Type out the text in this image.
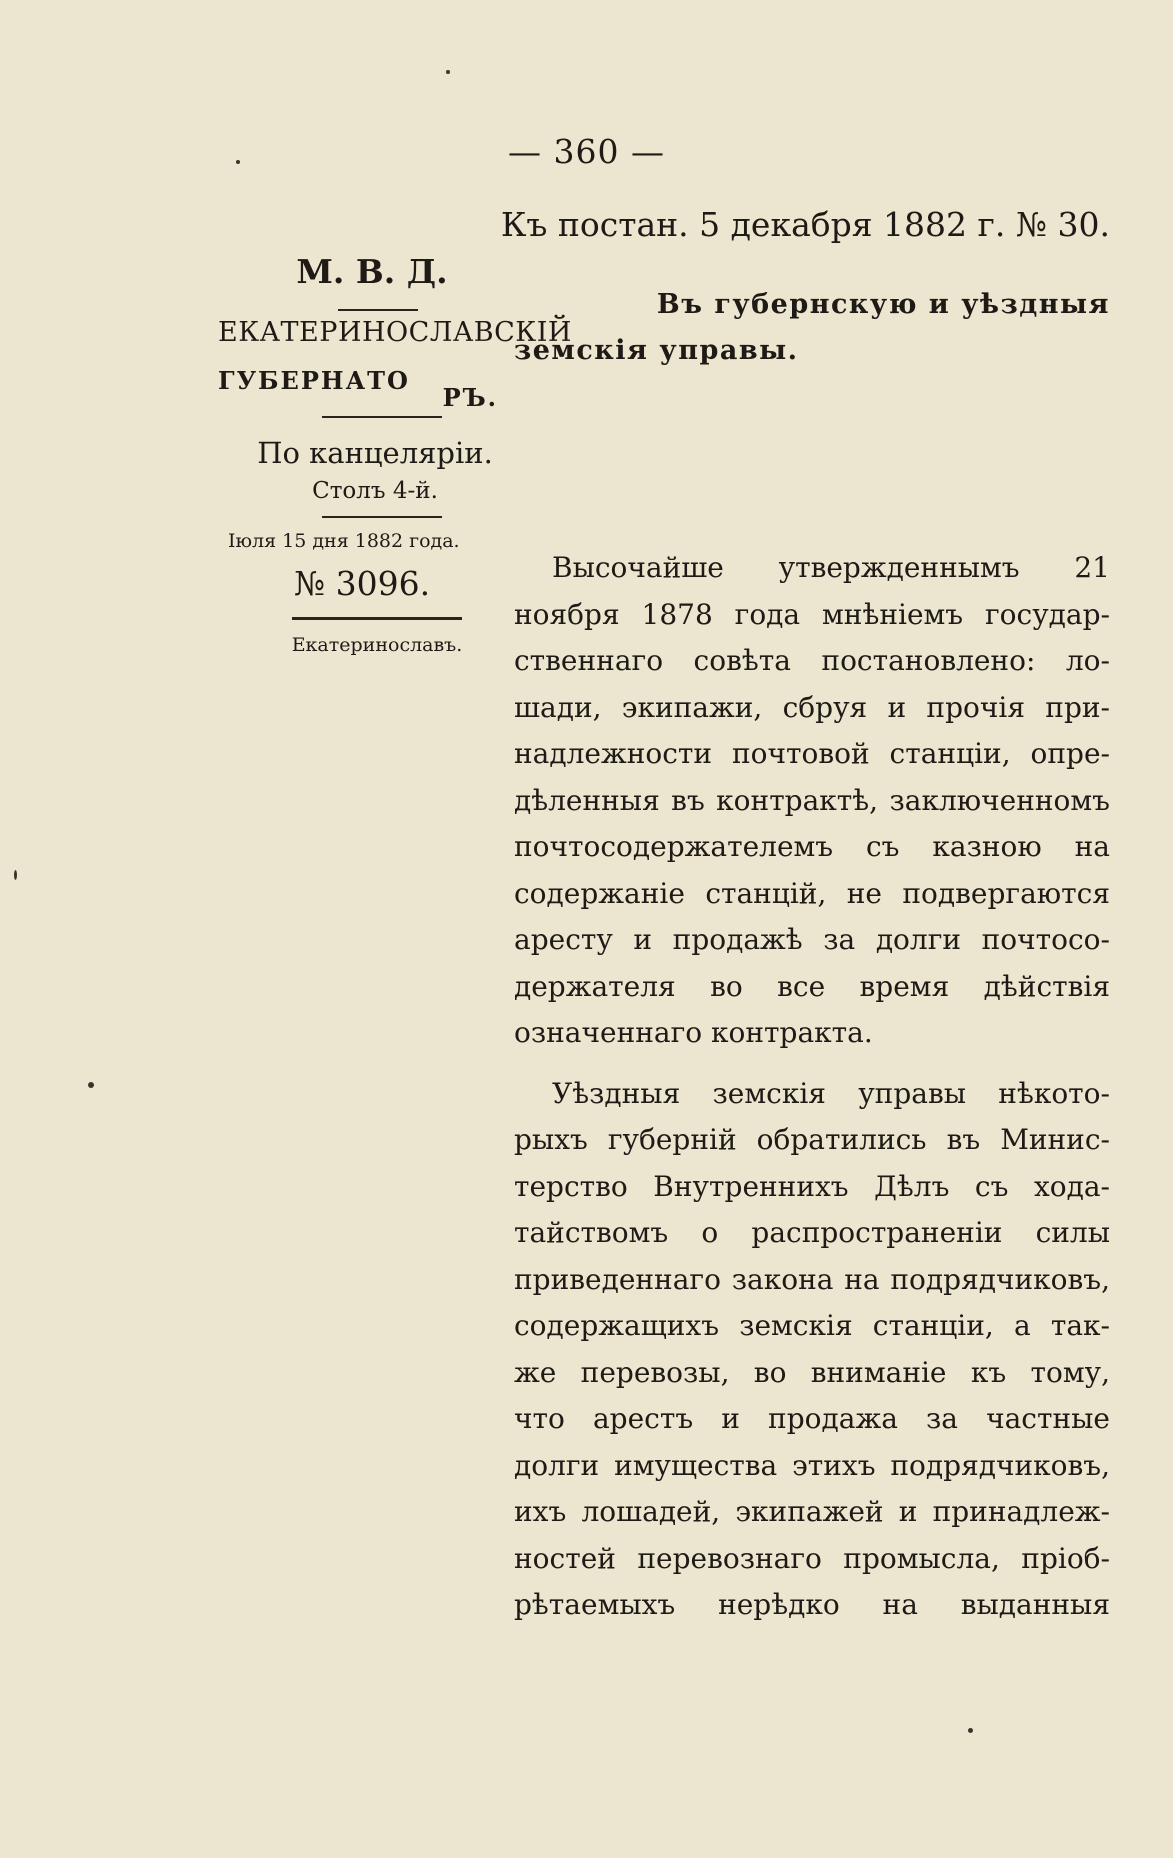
— 360 —
Къ постан. 5 декабря 1882 г. № 30.
М. В. Д.
ЕКАТЕРИНОСЛАВСКІЙ
ГУБЕРНАТО
РЪ.
По канцеляріи.
Столъ 4-й.
Іюля 15 дня 1882 года.
№ 3096.
Екатеринославъ.
Въ губернскую и уѣздныя
земскія управы.
Высочайше утвержденнымъ 21
ноября 1878 года мнѣніемъ государ-
ственнаго совѣта постановлено: ло-
шади, экипажи, сбруя и прочія при-
надлежности почтовой станціи, опре-
дѣленныя въ контрактѣ, заключенномъ
почтосодержателемъ съ казною на
содержаніе станцій, не подвергаются
аресту и продажѣ за долги почтосо-
держателя во все время дѣйствія
означеннаго контракта.
Уѣздныя земскія управы нѣкото-
рыхъ губерній обратились въ Минис-
терство Внутреннихъ Дѣлъ съ хода-
тайствомъ о распространеніи силы
приведеннаго закона на подрядчиковъ,
содержащихъ земскія станціи, а так-
же перевозы, во вниманіе къ тому,
что арестъ и продажа за частные
долги имущества этихъ подрядчиковъ,
ихъ лошадей, экипажей и принадлеж-
ностей перевознаго промысла, пріоб-
рѣтаемыхъ нерѣдко на выданныя
